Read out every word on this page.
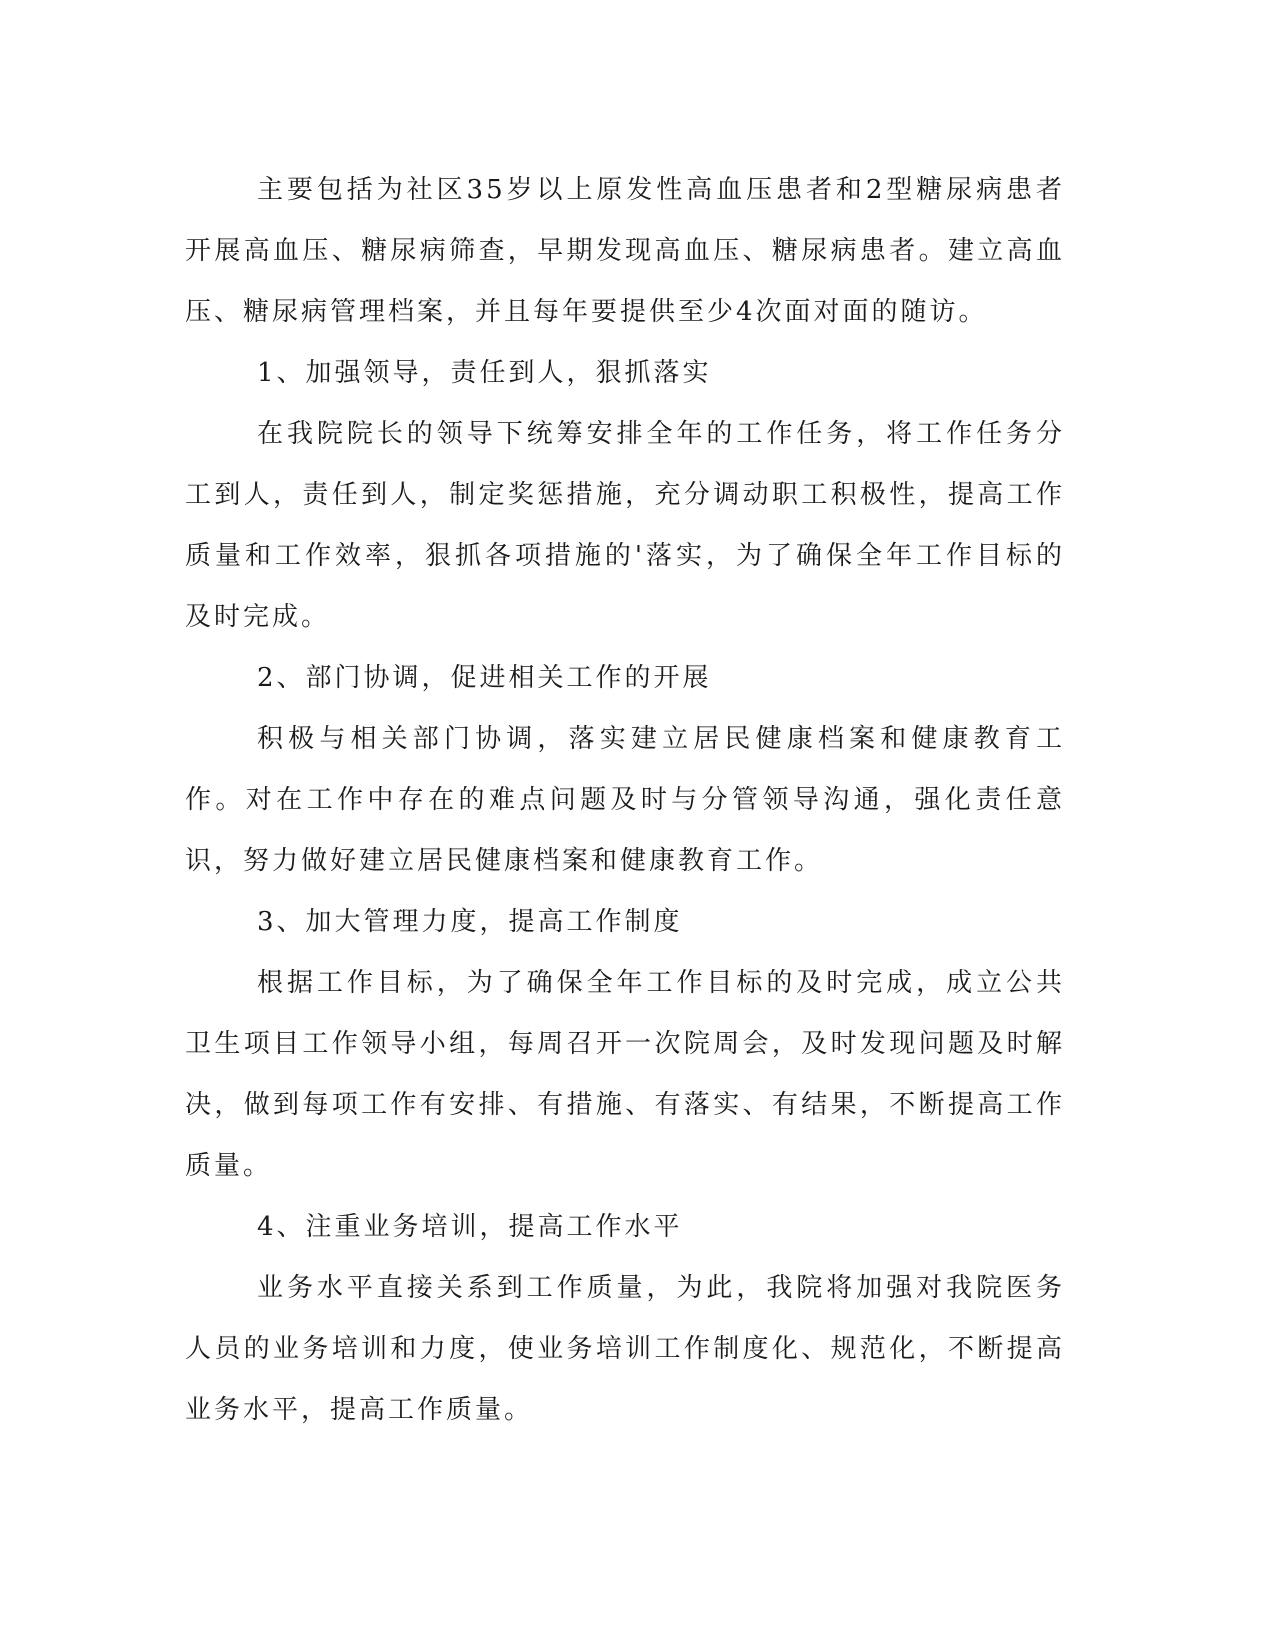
主要包括为社区35岁以上原发性高血压患者和2型糖尿病患者开展高血压、糖尿病筛查，早期发现高血压、糖尿病患者。建立高血压、糖尿病管理档案，并且每年要提供至少4次面对面的随访。

1、加强领导，责任到人，狠抓落实

在我院院长的领导下统筹安排全年的工作任务，将工作任务分工到人，责任到人，制定奖惩措施，充分调动职工积极性，提高工作质量和工作效率，狠抓各项措施的'落实，为了确保全年工作目标的及时完成。

2、部门协调，促进相关工作的开展

积极与相关部门协调，落实建立居民健康档案和健康教育工作。对在工作中存在的难点问题及时与分管领导沟通，强化责任意识，努力做好建立居民健康档案和健康教育工作。

3、加大管理力度，提高工作制度

根据工作目标，为了确保全年工作目标的及时完成，成立公共卫生项目工作领导小组，每周召开一次院周会，及时发现问题及时解决，做到每项工作有安排、有措施、有落实、有结果，不断提高工作质量。

4、注重业务培训，提高工作水平

业务水平直接关系到工作质量，为此，我院将加强对我院医务人员的业务培训和力度，使业务培训工作制度化、规范化，不断提高业务水平，提高工作质量。
